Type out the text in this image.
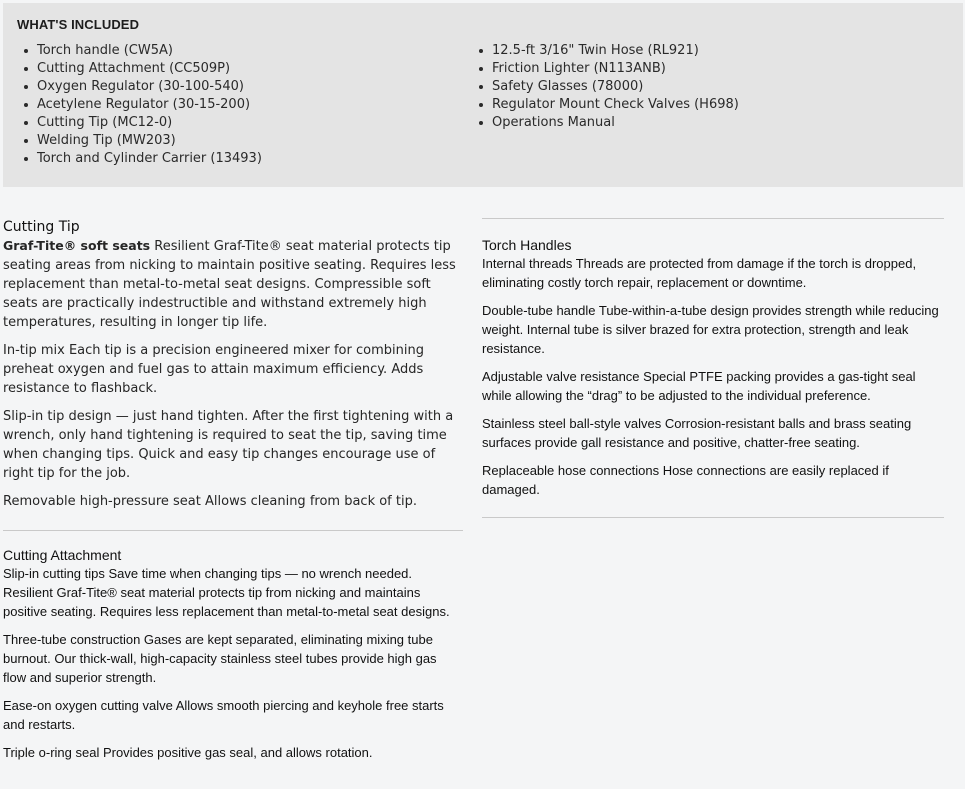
WHAT'S INCLUDED
Torch handle (CW5A)
Cutting Attachment (CC509P)
Oxygen Regulator (30-100-540)
Acetylene Regulator (30-15-200)
Cutting Tip (MC12-0)
Welding Tip (MW203)
Torch and Cylinder Carrier (13493)
12.5-ft 3/16" Twin Hose (RL921)
Friction Lighter (N113ANB)
Safety Glasses (78000)
Regulator Mount Check Valves (H698)
Operations Manual
Cutting Tip

Graf-Tite® soft seats Resilient Graf-Tite® seat material protects tip seating areas from nicking to maintain positive seating. Requires less replacement than metal-to-metal seat designs. Compressible soft seats are practically indestructible and withstand extremely high temperatures, resulting in longer tip life.

In-tip mix Each tip is a precision engineered mixer for combining preheat oxygen and fuel gas to attain maximum efficiency. Adds resistance to flashback.

Slip-in tip design — just hand tighten. After the first tightening with a wrench, only hand tightening is required to seat the tip, saving time when changing tips. Quick and easy tip changes encourage use of right tip for the job.

Removable high-pressure seat Allows cleaning from back of tip.

Cutting Attachment

Slip-in cutting tips Save time when changing tips — no wrench needed. Resilient Graf-Tite® seat material protects tip from nicking and maintains positive seating. Requires less replacement than metal-to-metal seat designs.

Three-tube construction Gases are kept separated, eliminating mixing tube burnout. Our thick-wall, high-capacity stainless steel tubes provide high gas flow and superior strength.

Ease-on oxygen cutting valve Allows smooth piercing and keyhole free starts and restarts.

Triple o-ring seal Provides positive gas seal, and allows rotation.

Torch Handles

Internal threads Threads are protected from damage if the torch is dropped, eliminating costly torch repair, replacement or downtime.

Double-tube handle Tube-within-a-tube design provides strength while reducing weight. Internal tube is silver brazed for extra protection, strength and leak resistance.

Adjustable valve resistance Special PTFE packing provides a gas-tight seal while allowing the “drag” to be adjusted to the individual preference.

Stainless steel ball-style valves Corrosion-resistant balls and brass seating surfaces provide gall resistance and positive, chatter-free seating.

Replaceable hose connections Hose connections are easily replaced if damaged.
